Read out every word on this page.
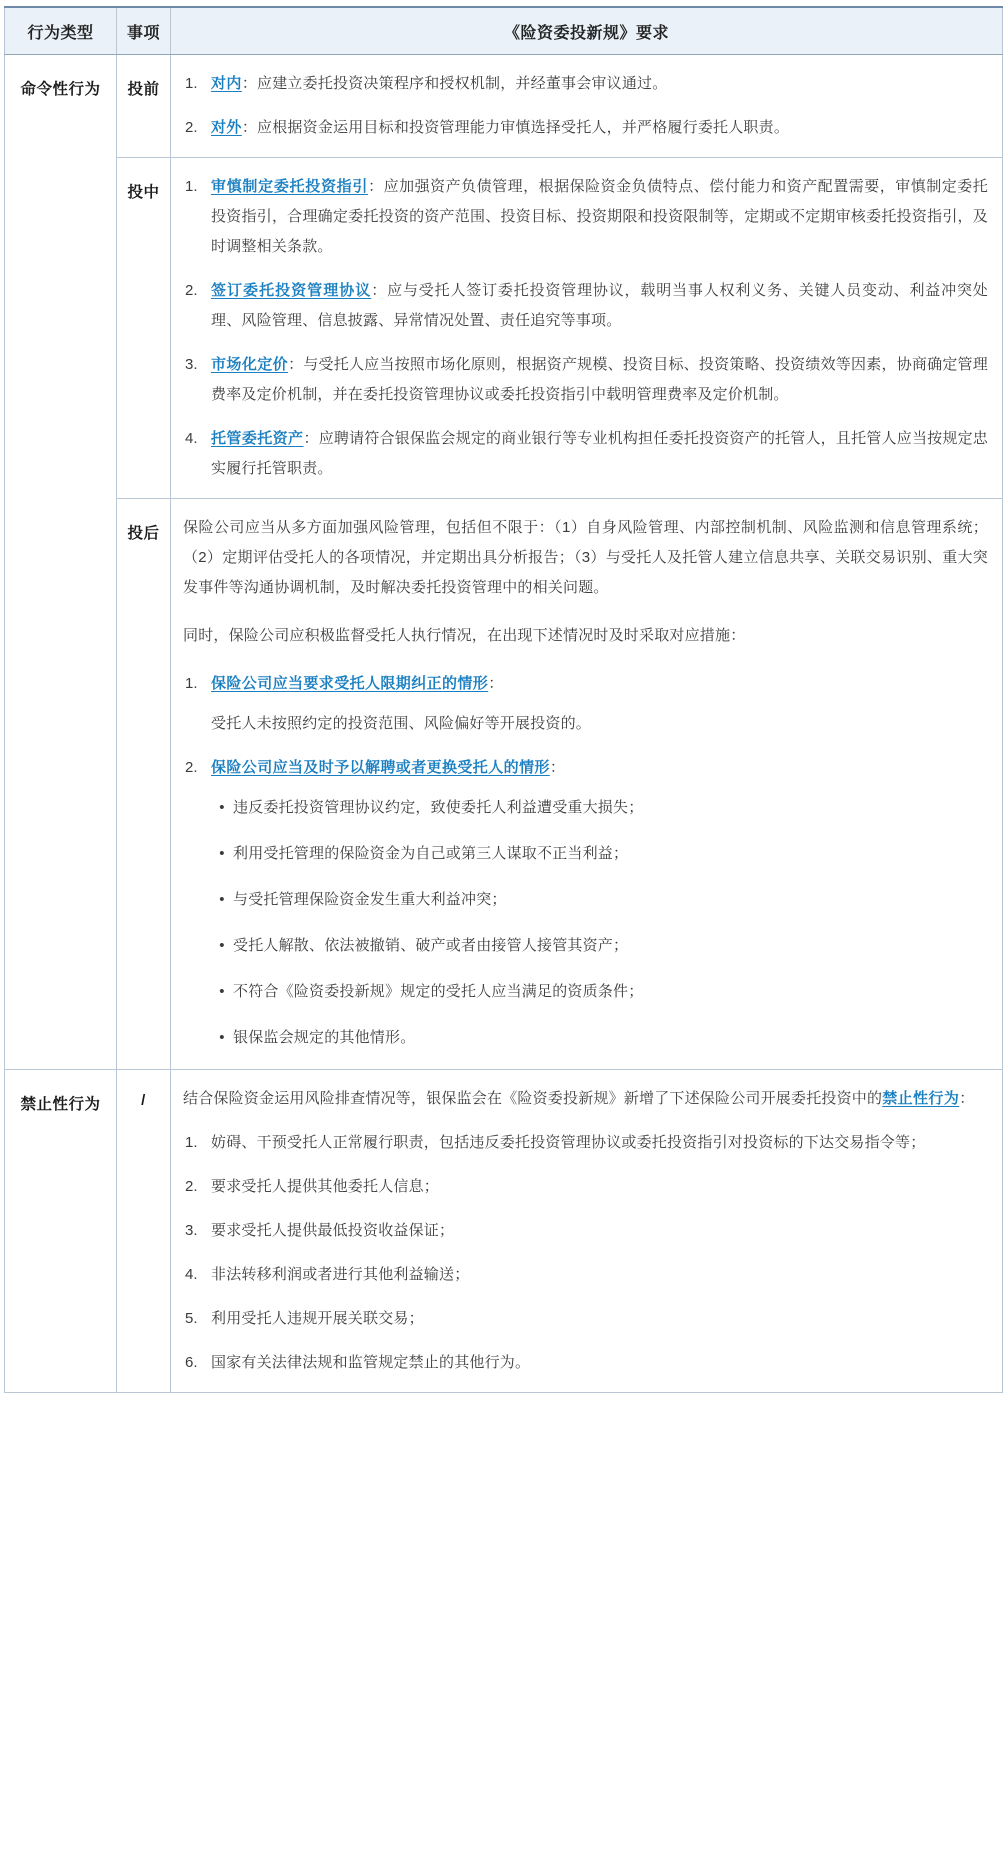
行为类型	事项	《险资委投新规》要求
命令性行为	投前	1. 对内：应建立委托投资决策程序和授权机制，并经董事会审议通过。
2. 对外：应根据资金运用目标和投资管理能力审慎选择受托人，并严格履行委托人职责。

投中	1. 审慎制定委托投资指引：应加强资产负债管理，根据保险资金负债特点、偿付能力和资产配置需要，审慎制定委托投资指引，合理确定委托投资的资产范围、投资目标、投资期限和投资限制等，定期或不定期审核委托投资指引，及时调整相关条款。
2. 签订委托投资管理协议：应与受托人签订委托投资管理协议，载明当事人权利义务、关键人员变动、利益冲突处理、风险管理、信息披露、异常情况处置、责任追究等事项。
3. 市场化定价：与受托人应当按照市场化原则，根据资产规模、投资目标、投资策略、投资绩效等因素，协商确定管理费率及定价机制，并在委托投资管理协议或委托投资指引中载明管理费率及定价机制。
4. 托管委托资产：应聘请符合银保监会规定的商业银行等专业机构担任委托投资资产的托管人，且托管人应当按规定忠实履行托管职责。

投后	保险公司应当从多方面加强风险管理，包括但不限于：（1）自身风险管理、内部控制机制、风险监测和信息管理系统；（2）定期评估受托人的各项情况，并定期出具分析报告；（3）与受托人及托管人建立信息共享、关联交易识别、重大突发事件等沟通协调机制，及时解决委托投资管理中的相关问题。

同时，保险公司应积极监督受托人执行情况，在出现下述情况时及时采取对应措施：

1. 保险公司应当要求受托人限期纠正的情形：

受托人未按照约定的投资范围、风险偏好等开展投资的。

2. 保险公司应当及时予以解聘或者更换受托人的情形：
• 违反委托投资管理协议约定，致使委托人利益遭受重大损失；
• 利用受托管理的保险资金为自己或第三人谋取不正当利益；
• 与受托管理保险资金发生重大利益冲突；
• 受托人解散、依法被撤销、破产或者由接管人接管其资产；
• 不符合《险资委投新规》规定的受托人应当满足的资质条件；
• 银保监会规定的其他情形。

禁止性行为	/	结合保险资金运用风险排查情况等，银保监会在《险资委投新规》新增了下述保险公司开展委托投资中的禁止性行为：

1. 妨碍、干预受托人正常履行职责，包括违反委托投资管理协议或委托投资指引对投资标的下达交易指令等；
2. 要求受托人提供其他委托人信息；
3. 要求受托人提供最低投资收益保证；
4. 非法转移利润或者进行其他利益输送；
5. 利用受托人违规开展关联交易；
6. 国家有关法律法规和监管规定禁止的其他行为。
